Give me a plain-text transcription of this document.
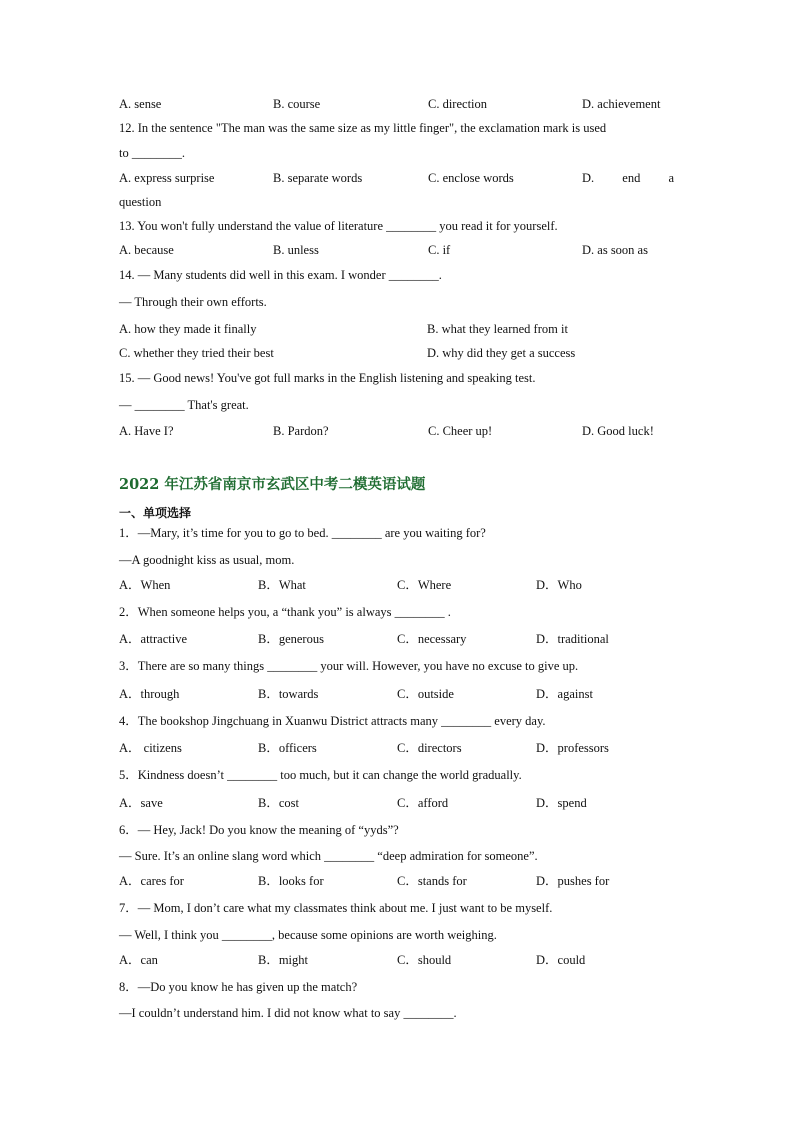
A. sense	B. course	C. direction	D. achievement
12. In the sentence "The man was the same size as my little finger", the exclamation mark is used
to ________.
A. express surprise	B. separate words	C. enclose words	D. end a
question
13. You won't fully understand the value of literature ________ you read it for yourself.
A. because	B. unless	C. if	D. as soon as
14. — Many students did well in this exam. I wonder ________.
— Through their own efforts.
A. how they made it finally	B. what they learned from it
C. whether they tried their best	D. why did they get a success
15. — Good news! You've got full marks in the English listening and speaking test.
— ________ That's great.
A. Have I?	B. Pardon?	C. Cheer up!	D. Good luck!
2022 年江苏省南京市玄武区中考二模英语试题
一、单项选择
1．—Mary, it’s time for you to go to bed. ________ are you waiting for?
—A goodnight kiss as usual, mom.
A．When	B．What	C．Where	D．Who
2．When someone helps you, a “thank you” is always ________ .
A．attractive	B．generous	C．necessary	D．traditional
3．There are so many things ________ your will. However, you have no excuse to give up.
A．through	B．towards	C．outside	D．against
4．The bookshop Jingchuang in Xuanwu District attracts many ________ every day.
A． citizens	B．officers	C．directors	D．professors
5．Kindness doesn’t ________ too much, but it can change the world gradually.
A．save	B．cost	C．afford	D．spend
6．— Hey, Jack! Do you know the meaning of “yyds”?
— Sure. It’s an online slang word which ________ “deep admiration for someone”.
A．cares for	B．looks for	C．stands for	D．pushes for
7．— Mom, I don’t care what my classmates think about me. I just want to be myself.
— Well, I think you ________, because some opinions are worth weighing.
A．can	B．might	C．should	D．could
8．—Do you know he has given up the match?
—I couldn’t understand him. I did not know what to say ________.
